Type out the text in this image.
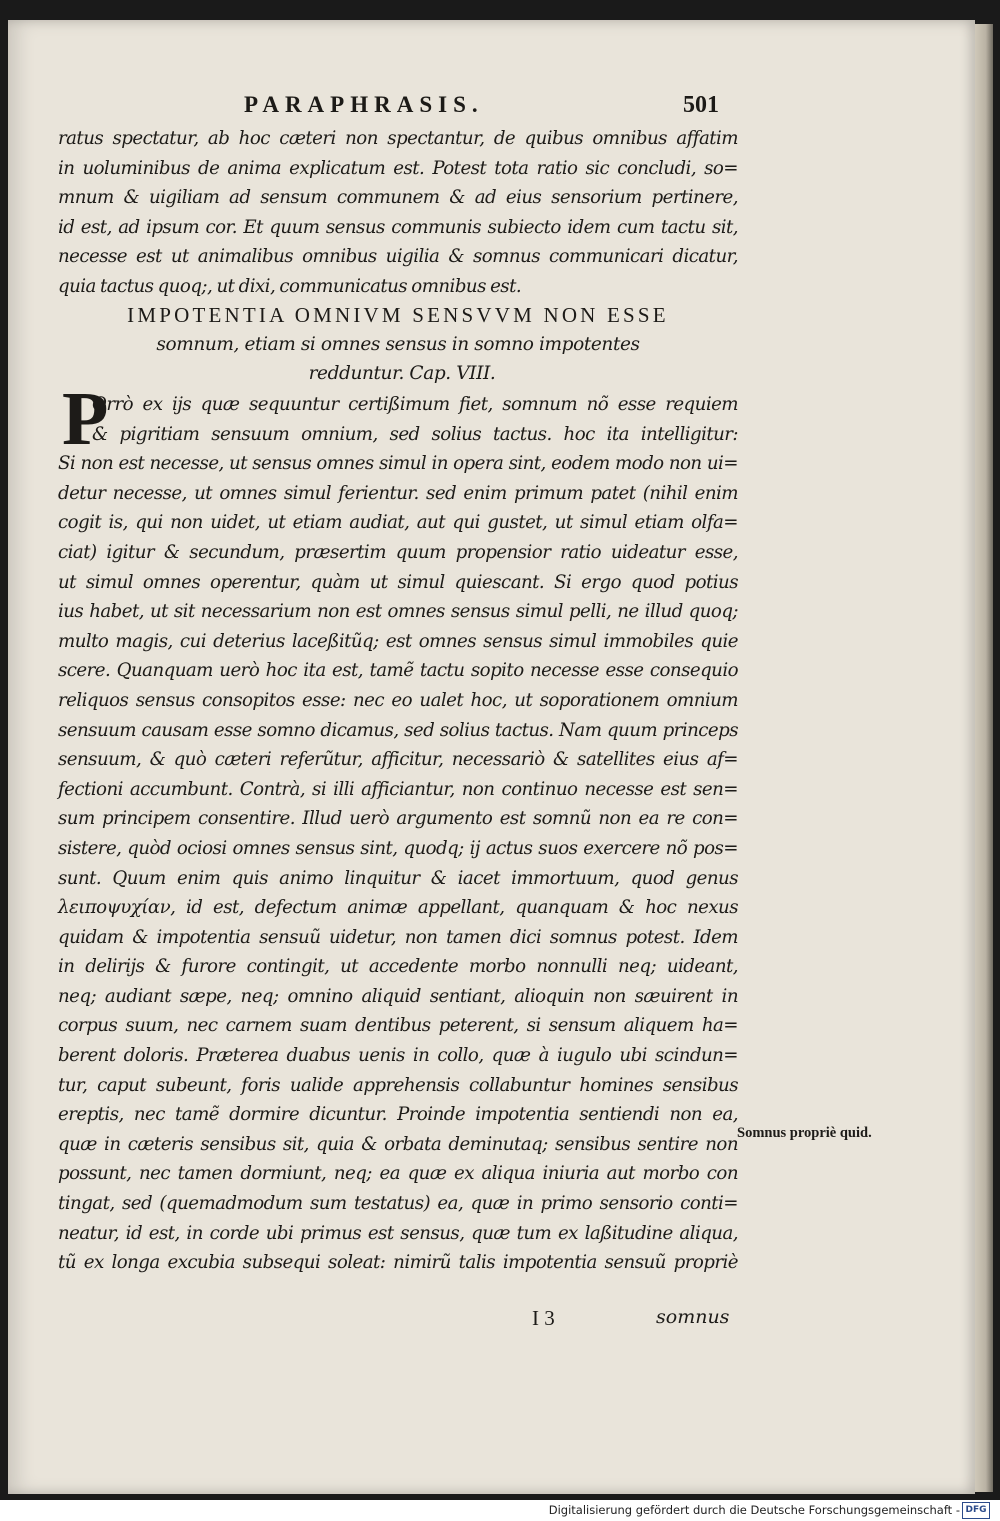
PARAPHRASIS.	501
ratus spectatur, ab hoc cæteri non spectantur, de quibus omnibus affatim
in uoluminibus de anima explicatum est. Potest tota ratio sic concludi, so=
mnum & uigiliam ad sensum communem & ad eius sensorium pertinere,
id est, ad ipsum cor. Et quum sensus communis subiecto idem cum tactu sit,
necesse est ut animalibus omnibus uigilia & somnus communicari dicatur,
quia tactus quoq;, ut dixi, communicatus omnibus est.
IMPOTENTIA OMNIVM SENSVVM NON ESSE
somnum, etiam si omnes sensus in somno impotentes
redduntur. Cap. VIII.
P
Orrò ex ijs quæ sequuntur certißimum fiet, somnum nõ esse requiem
& pigritiam sensuum omnium, sed solius tactus. hoc ita intelligitur:
Si non est necesse, ut sensus omnes simul in opera sint, eodem modo non ui=
detur necesse, ut omnes simul ferientur. sed enim primum patet (nihil enim
cogit is, qui non uidet, ut etiam audiat, aut qui gustet, ut simul etiam olfa=
ciat) igitur & secundum, præsertim quum propensior ratio uideatur esse,
ut simul omnes operentur, quàm ut simul quiescant. Si ergo quod potius
ius habet, ut sit necessarium non est omnes sensus simul pelli, ne illud quoq;
multo magis, cui deterius laceßitũq; est omnes sensus simul immobiles quie
scere. Quanquam uerò hoc ita est, tamẽ tactu sopito necesse esse consequio
reliquos sensus consopitos esse: nec eo ualet hoc, ut soporationem omnium
sensuum causam esse somno dicamus, sed solius tactus. Nam quum princeps
sensuum, & quò cæteri referũtur, afficitur, necessariò & satellites eius af=
fectioni accumbunt. Contrà, si illi afficiantur, non continuo necesse est sen=
sum principem consentire. Illud uerò argumento est somnũ non ea re con=
sistere, quòd ociosi omnes sensus sint, quodq; ij actus suos exercere nõ pos=
sunt. Quum enim quis animo linquitur & iacet immortuum, quod genus
λειποψυχίαν, id est, defectum animæ appellant, quanquam & hoc nexus
quidam & impotentia sensuũ uidetur, non tamen dici somnus potest. Idem
in delirijs & furore contingit, ut accedente morbo nonnulli neq; uideant,
neq; audiant sæpe, neq; omnino aliquid sentiant, alioquin non sæuirent in
corpus suum, nec carnem suam dentibus peterent, si sensum aliquem ha=
berent doloris. Præterea duabus uenis in collo, quæ à iugulo ubi scindun=
tur, caput subeunt, foris ualide apprehensis collabuntur homines sensibus
ereptis, nec tamẽ dormire dicuntur. Proinde impotentia sentiendi non ea,
quæ in cæteris sensibus sit, quia & orbata deminutaq; sensibus sentire non
possunt, nec tamen dormiunt, neq; ea quæ ex aliqua iniuria aut morbo con
tingat, sed (quemadmodum sum testatus) ea, quæ in primo sensorio conti=
neatur, id est, in corde ubi primus est sensus, quæ tum ex laßitudine aliqua,
tũ ex longa excubia subsequi soleat: nimirũ talis impotentia sensuũ propriè
Somnus propriè quid.
I 3	somnus
Digitalisierung gefördert durch die Deutsche Forschungsgemeinschaft - DFG
